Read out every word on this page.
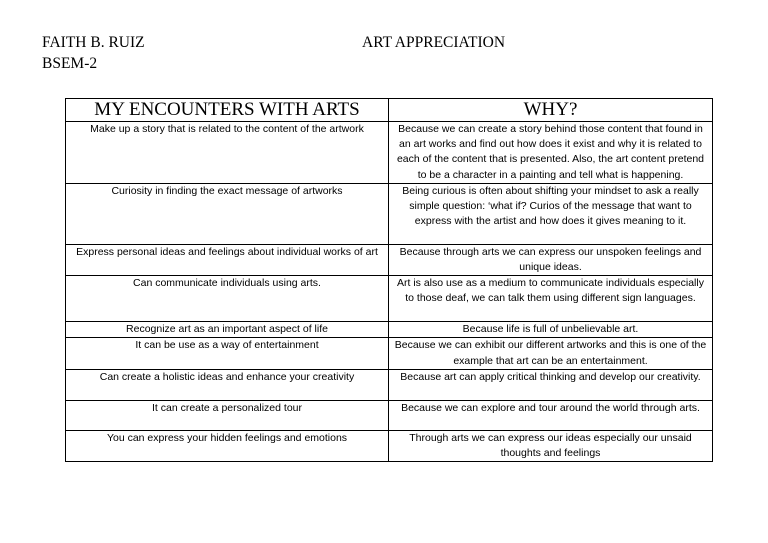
FAITH B. RUIZ
BSEM-2
ART APPRECIATION
MY ENCOUNTERS WITH ARTS	WHY?
Make up a story that is related to the content of the artwork	Because we can create a story behind those content that found in an art works and find out how does it exist and why it is related to each of the content that is presented. Also, the art content pretend to be a character in a painting and tell what is happening.
Curiosity in finding the exact message of artworks	Being curious is often about shifting your mindset to ask a really simple question: ‘what if? Curios of the message that want to express with the artist and how does it gives meaning to it.
Express personal ideas and feelings about individual works of art	Because through arts we can express our unspoken feelings and unique ideas.
Can communicate individuals using arts.	Art is also use as a medium to communicate individuals especially to those deaf, we can talk them using different sign languages.
Recognize art as an important aspect of life	Because life is full of unbelievable art.
It can be use as a way of entertainment	Because we can exhibit our different artworks and this is one of the example that art can be an entertainment.
Can create a holistic ideas and enhance your creativity	Because art can apply critical thinking and develop our creativity.
It can create a personalized tour	Because we can explore and tour around the world through arts.
You can express your hidden feelings and emotions	Through arts we can express our ideas especially our unsaid thoughts and feelings
